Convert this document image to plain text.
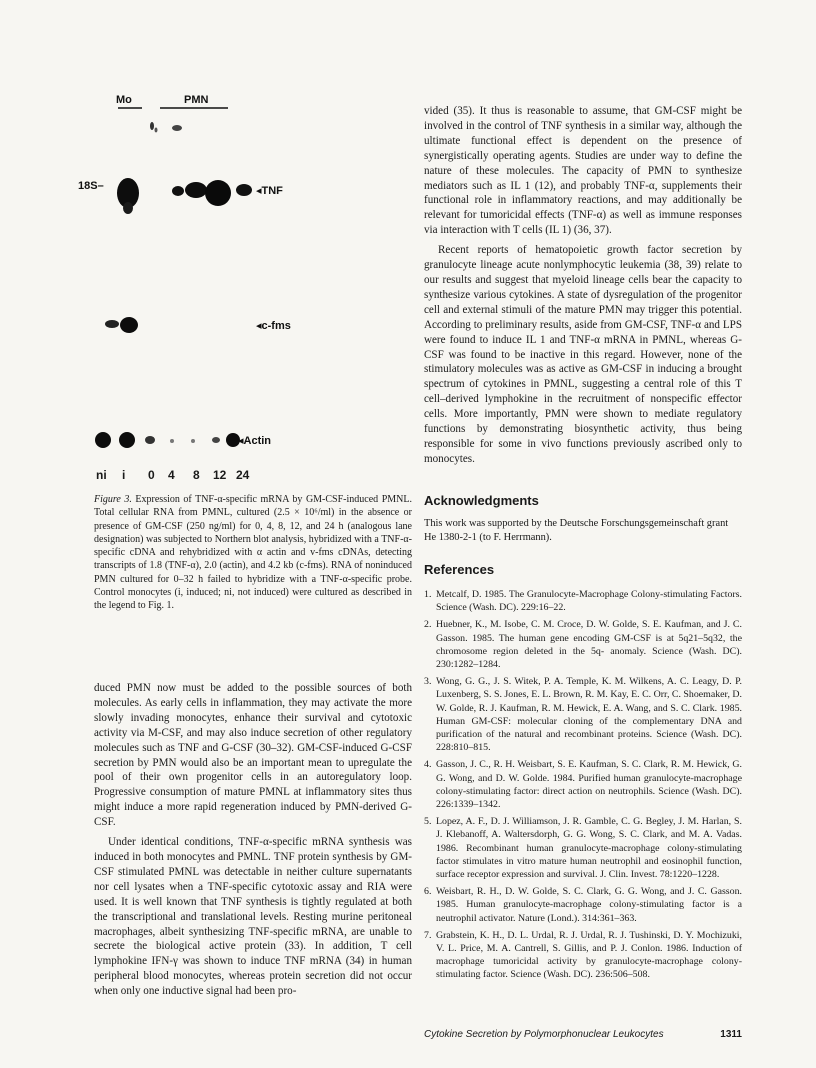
Mo	PMN
18S–	◂TNF
◂c-fms
◂Actin
ni i 0 4 8 12 24
Figure 3. Expression of TNF-α-specific mRNA by GM-CSF-induced PMNL. Total cellular RNA from PMNL, cultured (2.5 × 10⁶/ml) in the absence or presence of GM-CSF (250 ng/ml) for 0, 4, 8, 12, and 24 h (analogous lane designation) was subjected to Northern blot analysis, hybridized with a TNF-α-specific cDNA and rehybridized with α actin and v-fms cDNAs, detecting transcripts of 1.8 (TNF-α), 2.0 (actin), and 4.2 kb (c-fms). RNA of noninduced PMN cultured for 0–32 h failed to hybridize with a TNF-α-specific probe. Control monocytes (i, induced; ni, not induced) were cultured as described in the legend to Fig. 1.

duced PMN now must be added to the possible sources of both molecules. As early cells in inflammation, they may activate the more slowly invading monocytes, enhance their survival and cytotoxic activity via M-CSF, and may also induce secretion of other regulatory molecules such as TNF and G-CSF (30–32). GM-CSF-induced G-CSF secretion by PMN would also be an important mean to upregulate the pool of their own progenitor cells in an autoregulatory loop. Progressive consumption of mature PMNL at inflammatory sites thus might induce a more rapid regeneration induced by PMN-derived G-CSF.

Under identical conditions, TNF-α-specific mRNA synthesis was induced in both monocytes and PMNL. TNF protein synthesis by GM-CSF stimulated PMNL was detectable in neither culture supernatants nor cell lysates when a TNF-specific cytotoxic assay and RIA were used. It is well known that TNF synthesis is tightly regulated at both the transcriptional and translational levels. Resting murine peritoneal macrophages, albeit synthesizing TNF-specific mRNA, are unable to secrete the biological active protein (33). In addition, T cell lymphokine IFN-γ was shown to induce TNF mRNA (34) in human peripheral blood monocytes, whereas protein secretion did not occur when only one inductive signal had been pro-

vided (35). It thus is reasonable to assume, that GM-CSF might be involved in the control of TNF synthesis in a similar way, although the ultimate functional effect is dependent on the presence of synergistically operating agents. Studies are under way to define the nature of these molecules. The capacity of PMN to synthesize mediators such as IL 1 (12), and probably TNF-α, supplements their functional role in inflammatory reactions, and may additionally be relevant for tumoricidal effects (TNF-α) as well as immune responses via interaction with T cells (IL 1) (36, 37).

Recent reports of hematopoietic growth factor secretion by granulocyte lineage acute nonlymphocytic leukemia (38, 39) relate to our results and suggest that myeloid lineage cells bear the capacity to synthesize various cytokines. A state of dysregulation of the progenitor cell and external stimuli of the mature PMN may trigger this potential. According to preliminary results, aside from GM-CSF, TNF-α and LPS were found to induce IL 1 and TNF-α mRNA in PMNL, whereas G-CSF was found to be inactive in this regard. However, none of the stimulatory molecules was as active as GM-CSF in inducing a brought spectrum of cytokines in PMNL, suggesting a central role of this T cell–derived lymphokine in the recruitment of nonspecific effector cells. More importantly, PMN were shown to mediate regulatory functions by demonstrating biosynthetic activity, thus being responsible for some in vivo functions previously ascribed only to monocytes.

Acknowledgments
This work was supported by the Deutsche Forschungsgemeinschaft grant He 1380-2-1 (to F. Herrmann).
References
1. Metcalf, D. 1985. The Granulocyte-Macrophage Colony-stimulating Factors. Science (Wash. DC). 229:16–22.
2. Huebner, K., M. Isobe, C. M. Croce, D. W. Golde, S. E. Kaufman, and J. C. Gasson. 1985. The human gene encoding GM-CSF is at 5q21–5q32, the chromosome region deleted in the 5q- anomaly. Science (Wash. DC). 230:1282–1284.
3. Wong, G. G., J. S. Witek, P. A. Temple, K. M. Wilkens, A. C. Leagy, D. P. Luxenberg, S. S. Jones, E. L. Brown, R. M. Kay, E. C. Orr, C. Shoemaker, D. W. Golde, R. J. Kaufman, R. M. Hewick, E. A. Wang, and S. C. Clark. 1985. Human GM-CSF: molecular cloning of the complementary DNA and purification of the natural and recombinant proteins. Science (Wash. DC). 228:810–815.
4. Gasson, J. C., R. H. Weisbart, S. E. Kaufman, S. C. Clark, R. M. Hewick, G. G. Wong, and D. W. Golde. 1984. Purified human granulocyte-macrophage colony-stimulating factor: direct action on neutrophils. Science (Wash. DC). 226:1339–1342.
5. Lopez, A. F., D. J. Williamson, J. R. Gamble, C. G. Begley, J. M. Harlan, S. J. Klebanoff, A. Waltersdorph, G. G. Wong, S. C. Clark, and M. A. Vadas. 1986. Recombinant human granulocyte-macrophage colony-stimulating factor stimulates in vitro mature human neutrophil and eosinophil function, surface receptor expression and survival. J. Clin. Invest. 78:1220–1228.
6. Weisbart, R. H., D. W. Golde, S. C. Clark, G. G. Wong, and J. C. Gasson. 1985. Human granulocyte-macrophage colony-stimulating factor is a neutrophil activator. Nature (Lond.). 314:361–363.
7. Grabstein, K. H., D. L. Urdal, R. J. Urdal, R. J. Tushinski, D. Y. Mochizuki, V. L. Price, M. A. Cantrell, S. Gillis, and P. J. Conlon. 1986. Induction of macrophage tumoricidal activity by granulocyte-macrophage colony-stimulating factor. Science (Wash. DC). 236:506–508.
Cytokine Secretion by Polymorphonuclear Leukocytes	1311
